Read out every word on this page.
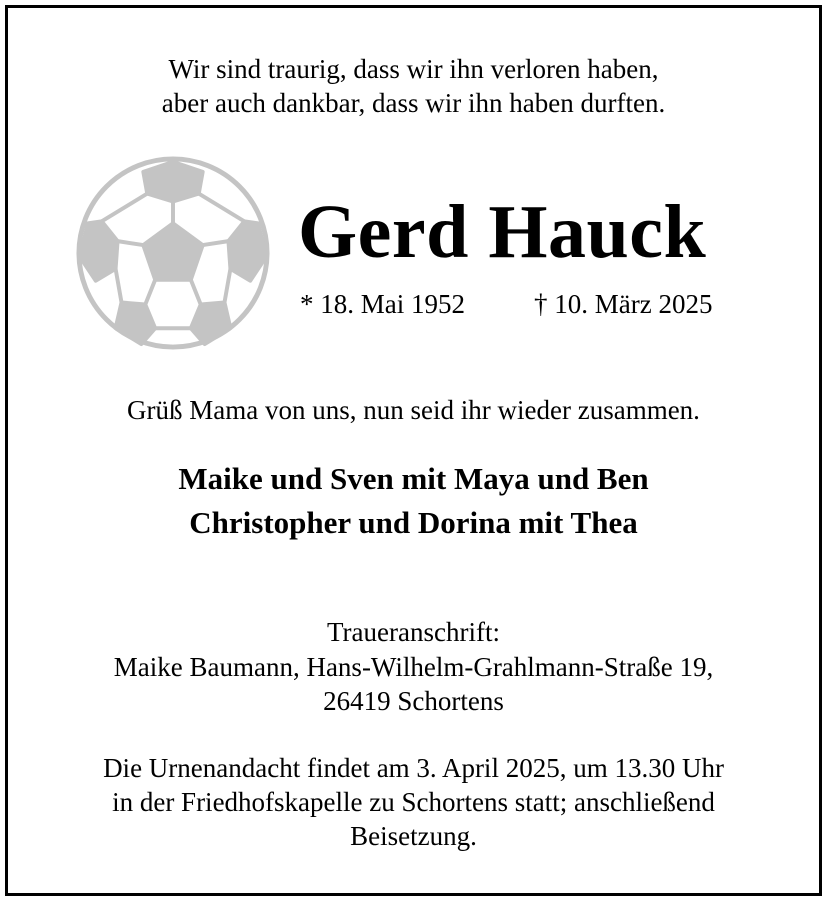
Wir sind traurig, dass wir ihn verloren haben,
aber auch dankbar, dass wir ihn haben durften.
Gerd Hauck
* 18. Mai 1952	† 10. März 2025
Grüß Mama von uns, nun seid ihr wieder zusammen.
Maike und Sven mit Maya und Ben
Christopher und Dorina mit Thea
Traueranschrift:
Maike Baumann, Hans-Wilhelm-Grahlmann-Straße 19,
26419 Schortens
Die Urnenandacht findet am 3. April 2025, um 13.30 Uhr
in der Friedhofskapelle zu Schortens statt; anschließend
Beisetzung.
